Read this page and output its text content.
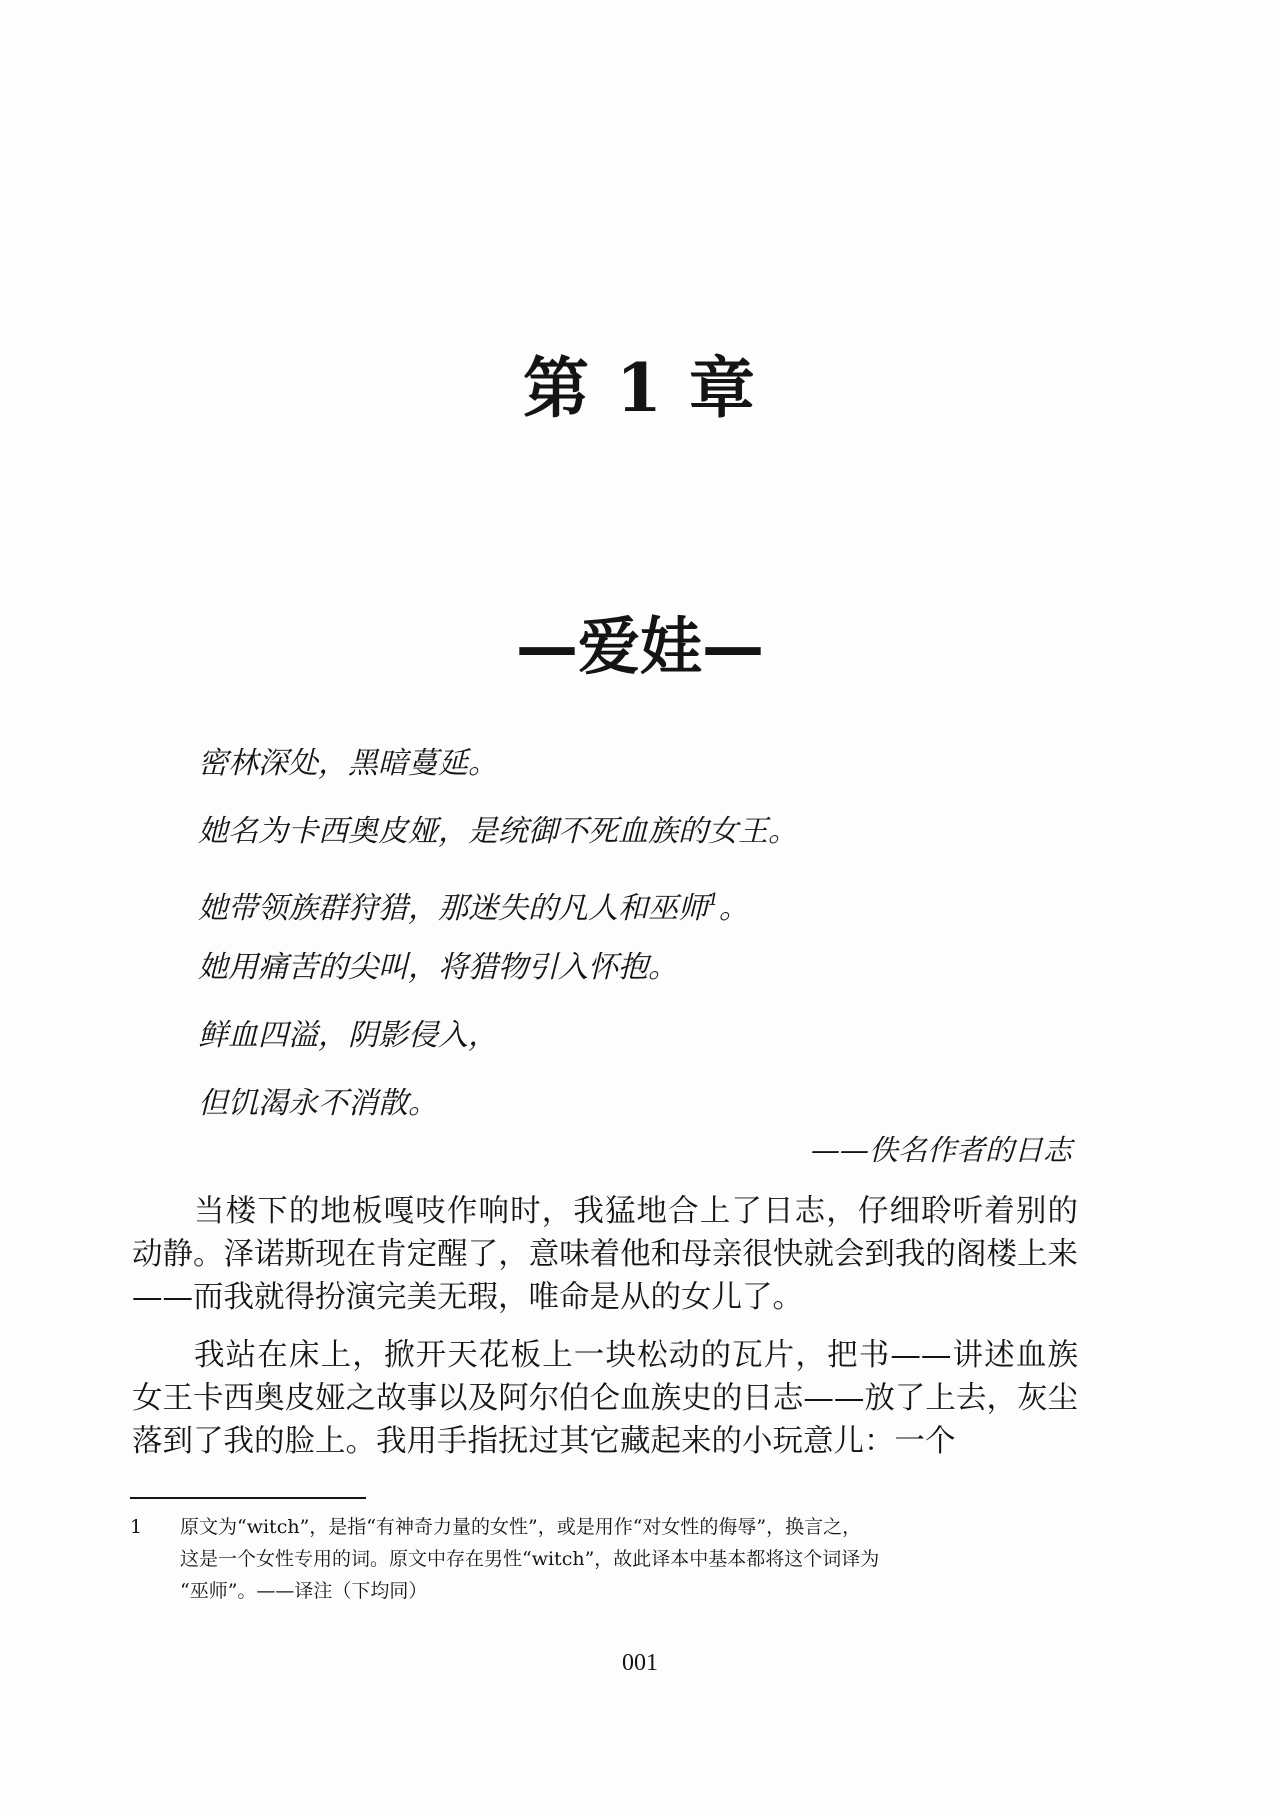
第 1 章
—爱娃—
密林深处，黑暗蔓延。
她名为卡西奥皮娅，是统御不死血族的女王。
她带领族群狩猎，那迷失的凡人和巫师$^1$。
她用痛苦的尖叫，将猎物引入怀抱。
鲜血四溢，阴影侵入，
但饥渴永不消散。
——佚名作者的日志

当楼下的地板嘎吱作响时，我猛地合上了日志，仔细聆听着别的动静。泽诺斯现在肯定醒了，意味着他和母亲很快就会到我的阁楼上来——而我就得扮演完美无瑕，唯命是从的女儿了。

我站在床上，掀开天花板上一块松动的瓦片，把书——讲述血族女王卡西奥皮娅之故事以及阿尔伯仑血族史的日志——放了上去，灰尘落到了我的脸上。我用手指抚过其它藏起来的小玩意儿：一个

1 原文为“witch”，是指“有神奇力量的女性”，或是用作“对女性的侮辱”，换言之，
这是一个女性专用的词。原文中存在男性“witch”，故此译本中基本都将这个词译为
“巫师”。——译注（下均同）
001
